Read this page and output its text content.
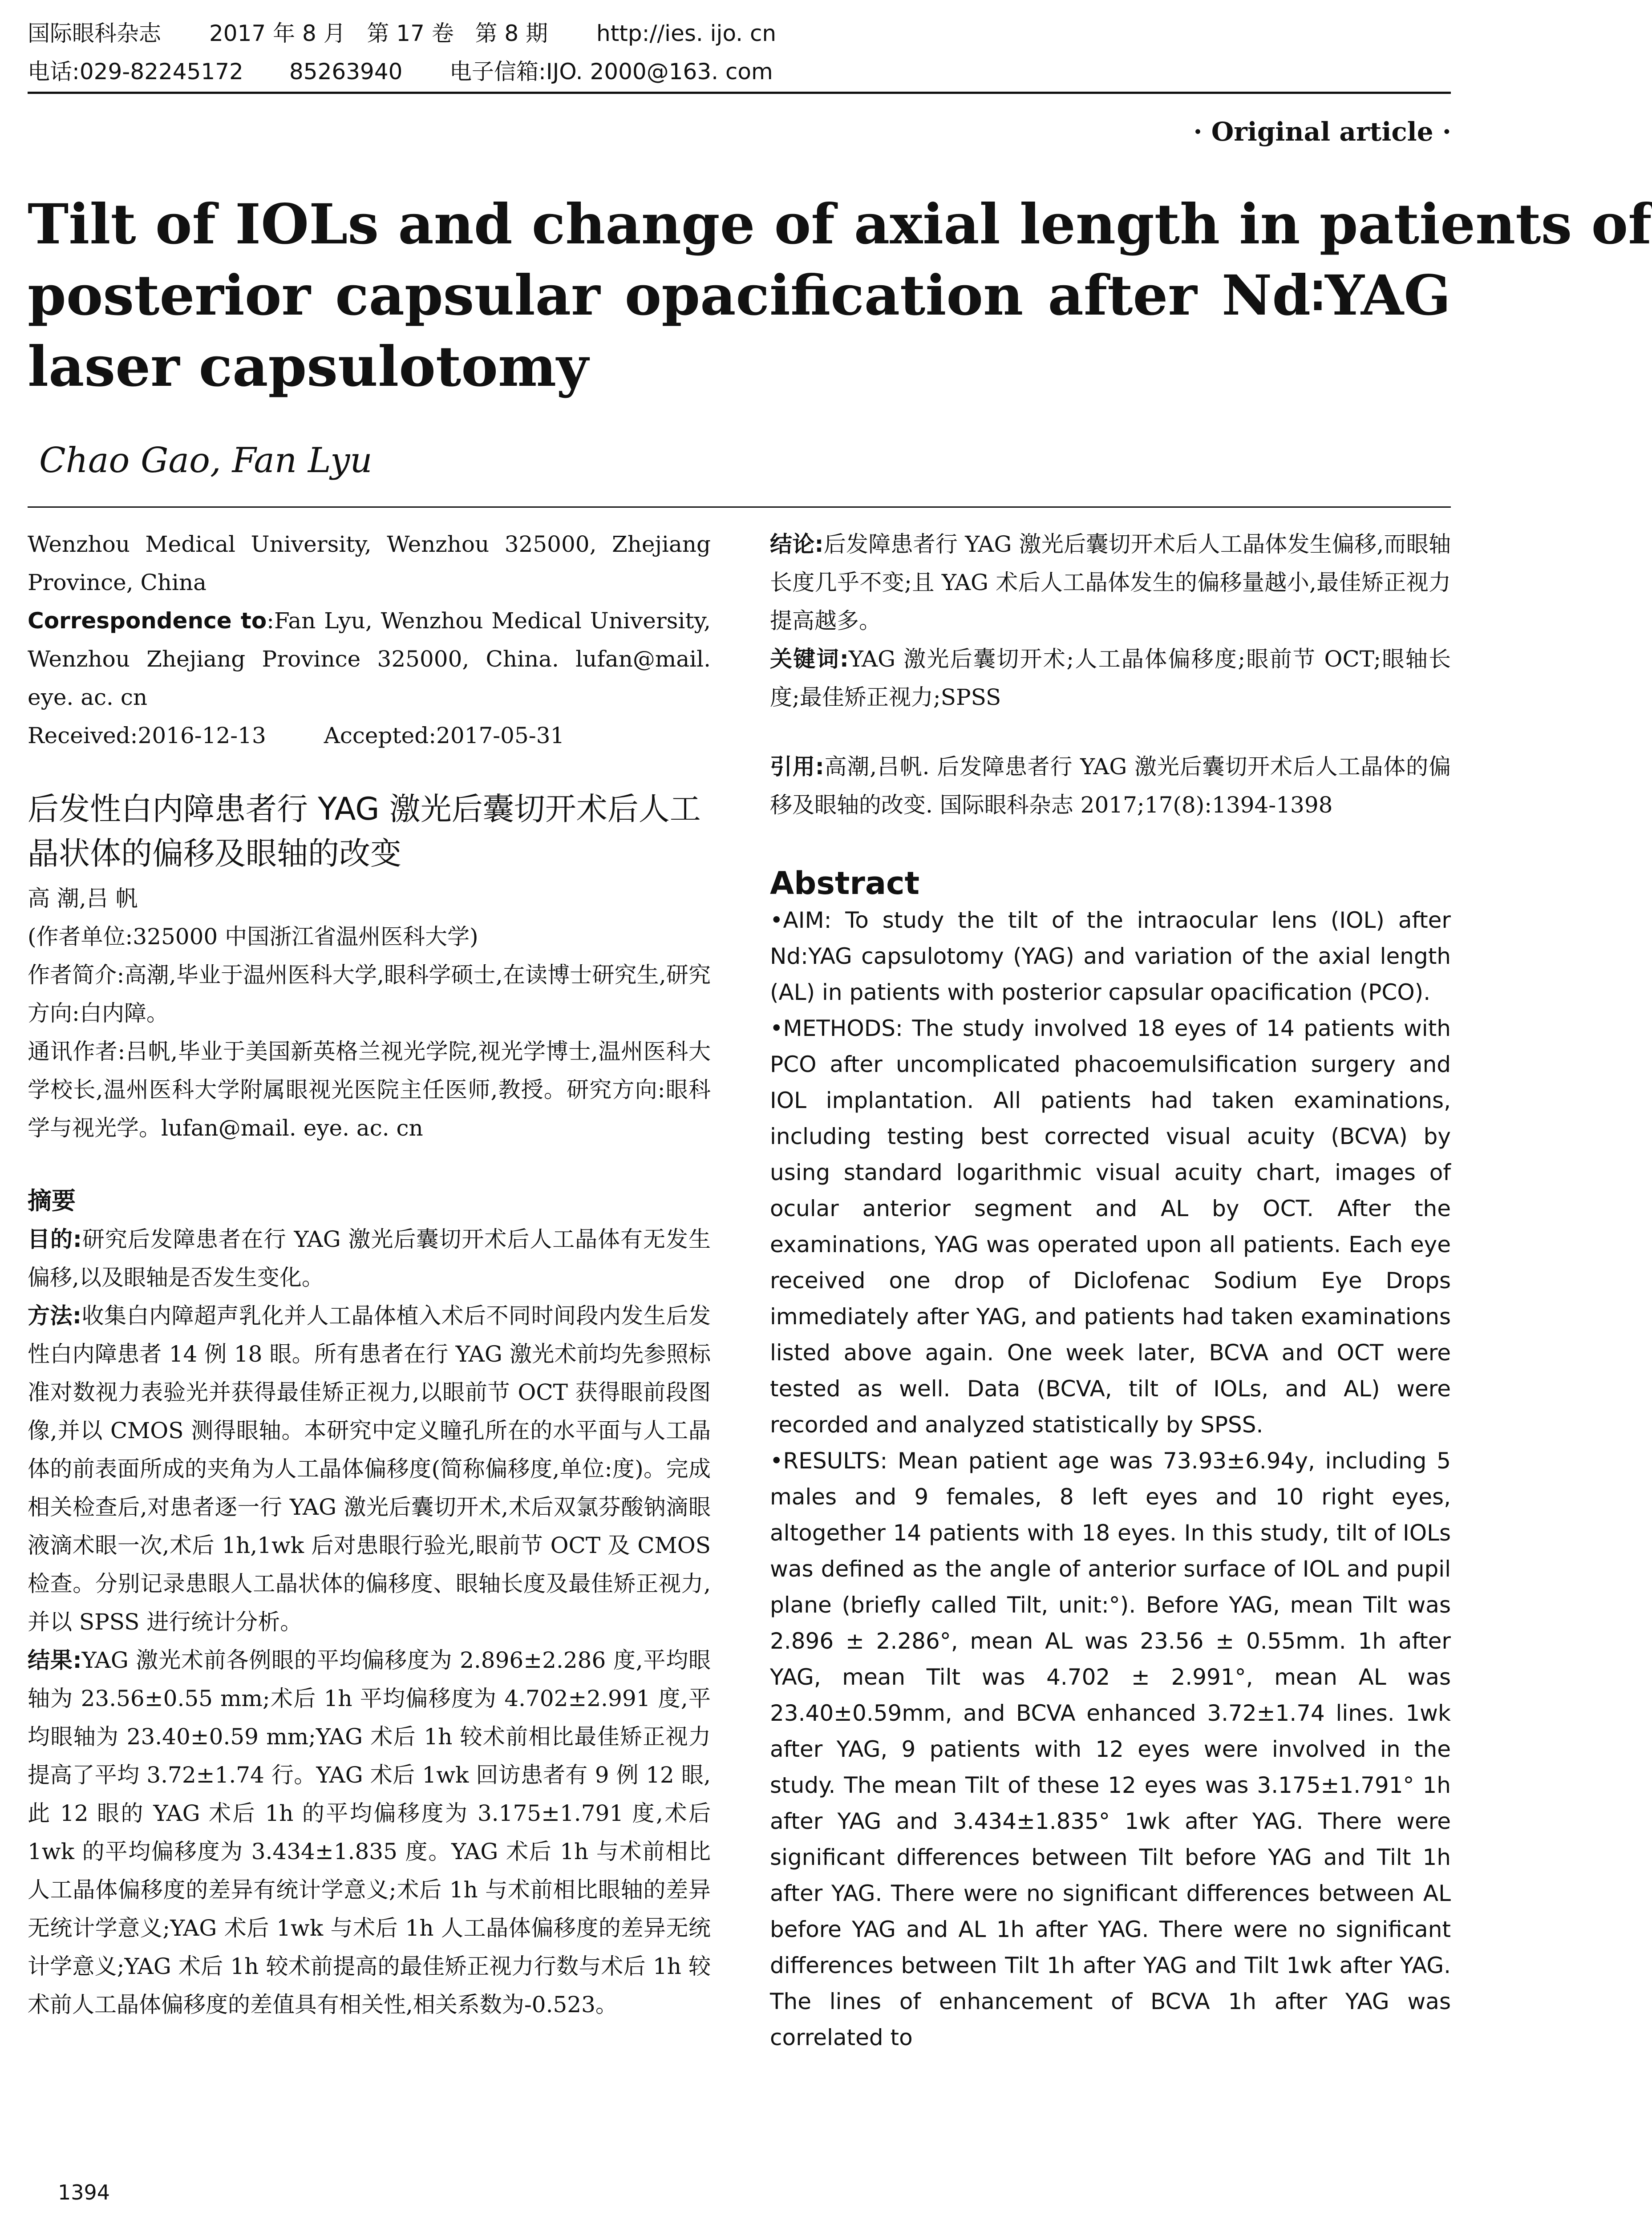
国际眼科杂志 2017 年 8 月   第 17 卷   第 8 期 http://ies. ijo. cn
电话:029-82245172 85263940 电子信箱:IJO. 2000@163. com
· Original article ·
Tilt of IOLs and change of axial length in patients of
posterior capsular opacification after Nd∶YAG
laser capsulotomy
Chao Gao, Fan Lyu

Wenzhou Medical University, Wenzhou 325000, Zhejiang Province, China

Correspondence to:Fan Lyu, Wenzhou Medical University, Wenzhou Zhejiang Province 325000, China. lufan@mail. eye. ac. cn

Received:2016-12-13	Accepted:2017-05-31

后发性白内障患者行 YAG 激光后囊切开术后人工晶状体的偏移及眼轴的改变

高 潮,吕 帆

(作者单位:325000 中国浙江省温州医科大学)

作者简介:高潮,毕业于温州医科大学,眼科学硕士,在读博士研究生,研究方向:白内障。

通讯作者:吕帆,毕业于美国新英格兰视光学院,视光学博士,温州医科大学校长,温州医科大学附属眼视光医院主任医师,教授。研究方向:眼科学与视光学。lufan@mail. eye. ac. cn

摘要

目的:研究后发障患者在行 YAG 激光后囊切开术后人工晶体有无发生偏移,以及眼轴是否发生变化。

方法:收集白内障超声乳化并人工晶体植入术后不同时间段内发生后发性白内障患者 14 例 18 眼。所有患者在行 YAG 激光术前均先参照标准对数视力表验光并获得最佳矫正视力,以眼前节 OCT 获得眼前段图像,并以 CMOS 测得眼轴。本研究中定义瞳孔所在的水平面与人工晶体的前表面所成的夹角为人工晶体偏移度(简称偏移度,单位:度)。完成相关检查后,对患者逐一行 YAG 激光后囊切开术,术后双氯芬酸钠滴眼液滴术眼一次,术后 1h,1wk 后对患眼行验光,眼前节 OCT 及 CMOS 检查。分别记录患眼人工晶状体的偏移度、眼轴长度及最佳矫正视力,并以 SPSS 进行统计分析。

结果:YAG 激光术前各例眼的平均偏移度为 2.896±2.286 度,平均眼轴为 23.56±0.55 mm;术后 1h 平均偏移度为 4.702±2.991 度,平均眼轴为 23.40±0.59 mm;YAG 术后 1h 较术前相比最佳矫正视力提高了平均 3.72±1.74 行。YAG 术后 1wk 回访患者有 9 例 12 眼,此 12 眼的 YAG 术后 1h 的平均偏移度为 3.175±1.791 度,术后 1wk 的平均偏移度为 3.434±1.835 度。YAG 术后 1h 与术前相比人工晶体偏移度的差异有统计学意义;术后 1h 与术前相比眼轴的差异无统计学意义;YAG 术后 1wk 与术后 1h 人工晶体偏移度的差异无统计学意义;YAG 术后 1h 较术前提高的最佳矫正视力行数与术后 1h 较术前人工晶体偏移度的差值具有相关性,相关系数为-0.523。

1394

结论:后发障患者行 YAG 激光后囊切开术后人工晶体发生偏移,而眼轴长度几乎不变;且 YAG 术后人工晶体发生的偏移量越小,最佳矫正视力提高越多。

关键词:YAG 激光后囊切开术;人工晶体偏移度;眼前节 OCT;眼轴长度;最佳矫正视力;SPSS

引用:高潮,吕帆. 后发障患者行 YAG 激光后囊切开术后人工晶体的偏移及眼轴的改变. 国际眼科杂志 2017;17(8):1394-1398

Abstract

•AIM: To study the tilt of the intraocular lens (IOL) after Nd:YAG capsulotomy (YAG) and variation of the axial length (AL) in patients with posterior capsular opacification (PCO).

•METHODS: The study involved 18 eyes of 14 patients with PCO after uncomplicated phacoemulsification surgery and IOL implantation. All patients had taken examinations, including testing best corrected visual acuity (BCVA) by using standard logarithmic visual acuity chart, images of ocular anterior segment and AL by OCT. After the examinations, YAG was operated upon all patients. Each eye received one drop of Diclofenac Sodium Eye Drops immediately after YAG, and patients had taken examinations listed above again. One week later, BCVA and OCT were tested as well. Data (BCVA, tilt of IOLs, and AL) were recorded and analyzed statistically by SPSS.

•RESULTS: Mean patient age was 73.93±6.94y, including 5 males and 9 females, 8 left eyes and 10 right eyes, altogether 14 patients with 18 eyes. In this study, tilt of IOLs was defined as the angle of anterior surface of IOL and pupil plane (briefly called Tilt, unit:°). Before YAG, mean Tilt was 2.896 ± 2.286°, mean AL was 23.56 ± 0.55mm. 1h after YAG, mean Tilt was 4.702 ± 2.991°, mean AL was 23.40±0.59mm, and BCVA enhanced 3.72±1.74 lines. 1wk after YAG, 9 patients with 12 eyes were involved in the study. The mean Tilt of these 12 eyes was 3.175±1.791° 1h after YAG and 3.434±1.835° 1wk after YAG. There were significant differences between Tilt before YAG and Tilt 1h after YAG. There were no significant differences between AL before YAG and AL 1h after YAG. There were no significant differences between Tilt 1h after YAG and Tilt 1wk after YAG. The lines of enhancement of BCVA 1h after YAG was correlated to
